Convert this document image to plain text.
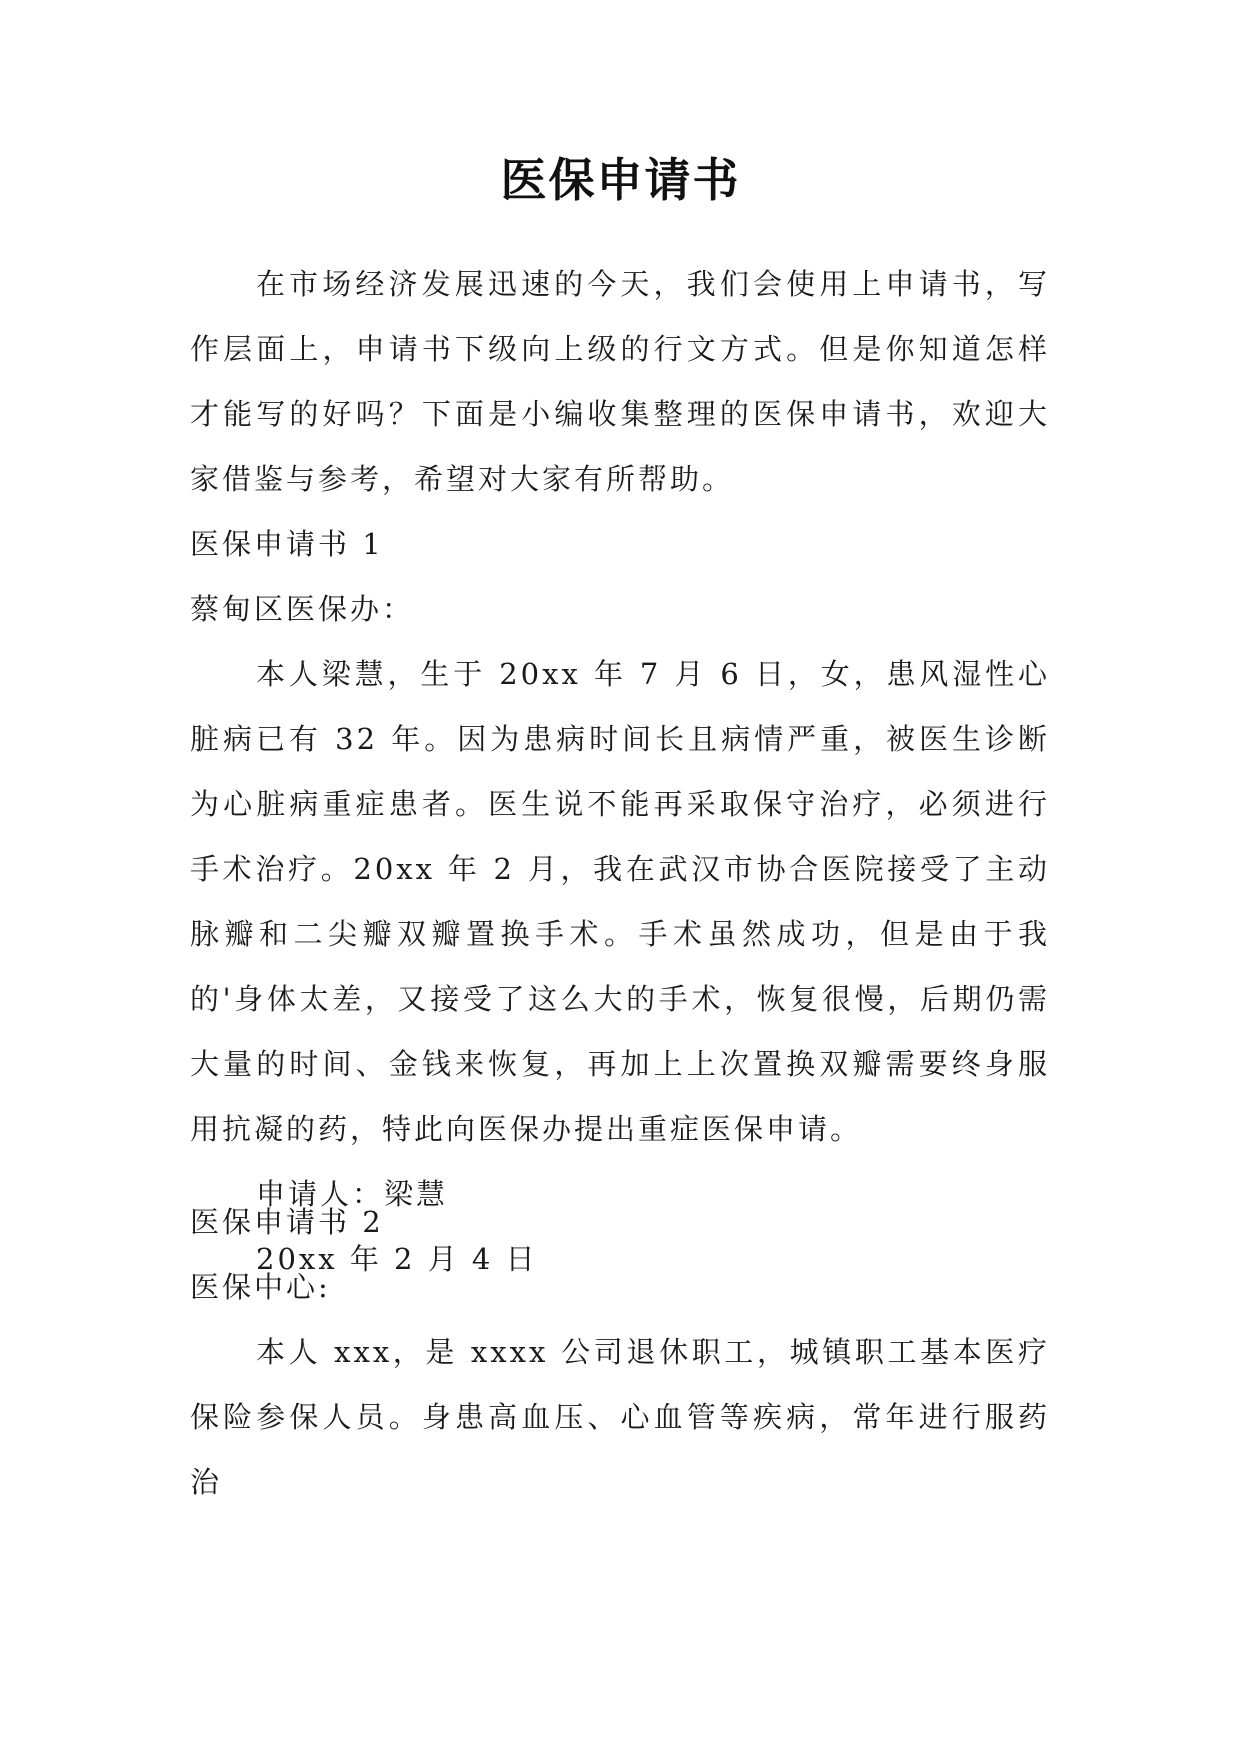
医保申请书

在市场经济发展迅速的今天，我们会使用上申请书，写作层面上，申请书下级向上级的行文方式。但是你知道怎样才能写的好吗？下面是小编收集整理的医保申请书，欢迎大家借鉴与参考，希望对大家有所帮助。

医保申请书 1

蔡甸区医保办：

本人梁慧，生于 20xx 年 7 月 6 日，女，患风湿性心脏病已有 32 年。因为患病时间长且病情严重，被医生诊断为心脏病重症患者。医生说不能再采取保守治疗，必须进行手术治疗。20xx 年 2 月，我在武汉市协合医院接受了主动脉瓣和二尖瓣双瓣置换手术。手术虽然成功，但是由于我的'身体太差，又接受了这么大的手术，恢复很慢，后期仍需大量的时间、金钱来恢复，再加上上次置换双瓣需要终身服用抗凝的药，特此向医保办提出重症医保申请。

申请人：梁慧

20xx 年 2 月 4 日

医保申请书 2

医保中心:

本人 xxx，是 xxxx 公司退休职工，城镇职工基本医疗保险参保人员。身患高血压、心血管等疾病，常年进行服药治
